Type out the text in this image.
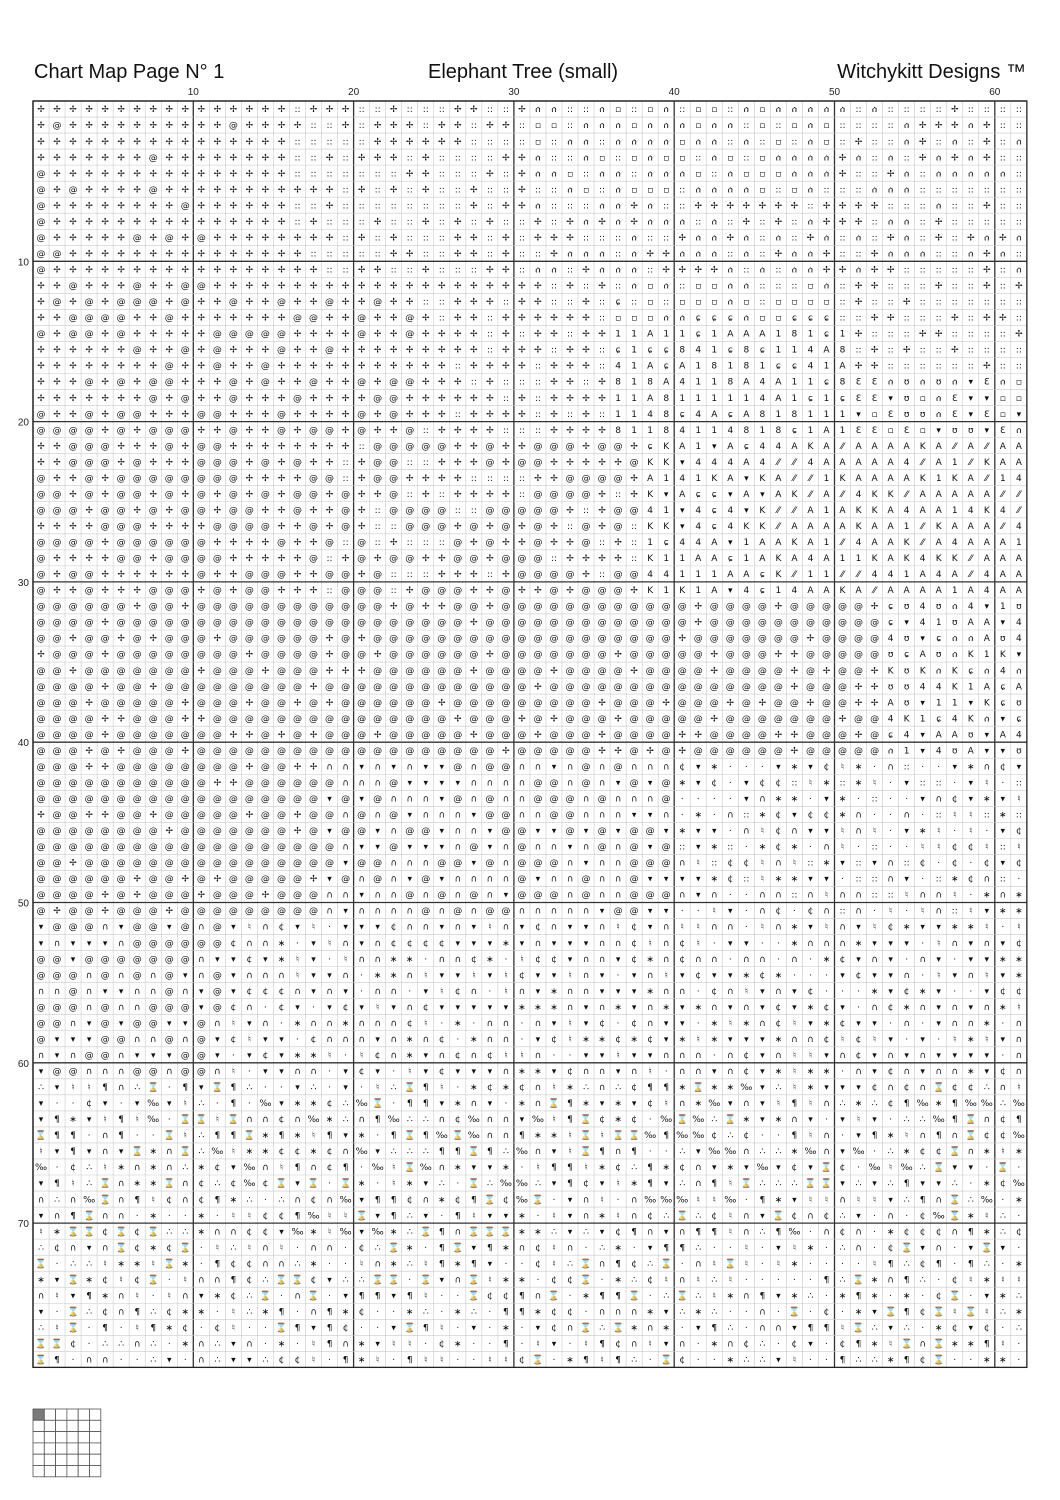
Chart Map Page N° 1	Elephant Tree (small)	Witchykitt Designs ™
✢ ✢ ✢ ✢ ✢ ✢ ✢ ✢ ✢ ✢ ✢ ✢ ✢ ✢ ✢ ✢ :: ✢ ✢ ✢ :: :: ✢ :: :: :: ✢ ✢ :: :: ✢ ሰ ሰ :: :: ሰ ▫ :: ▫ ሰ :: ▫ ▫ :: ሰ ▫ ሰ ሰ ሰ ሰ ሰ :: ሰ :: :: :: :: ✢ :: :: :: ::
✢ @ ✢ ✢ ✢ ✢ ✢ ✢ ✢ ✢ ✢ ✢ @ ✢ ✢ ✢ ✢ :: :: ✢ :: ✢ ✢ ✢ :: ✢ ✢ :: ✢ ✢ :: ▫ ▫ :: ሰ ሰ ሰ ▫ ሰ ሰ ሰ ▫ ሰ ሰ :: ▫ :: ▫ ሰ ▫ :: :: :: :: ሰ ✢ ✢ ✢ ሰ ✢ :: ::
✢ ✢ ✢ ✢ ✢ ✢ ✢ ✢ ✢ ✢ ✢ ✢ ✢ ✢ ✢ ✢ :: :: :: :: :: ✢ ✢ ✢ ✢ ✢ ✢ :: :: :: :: ▫ :: ሰ ሰ :: ሰ ሰ ሰ ሰ ▫ ሰ ሰ :: ሰ :: ▫ :: ሰ ▫ :: ✢ :: :: ሰ ✢ :: ሰ :: ✢ :: ሰ
✢ ✢ ✢ ✢ ✢ ✢ ✢ @ ✢ ✢ ✢ ✢ ✢ ✢ ✢ ✢ :: :: ✢ :: ✢ ✢ ✢ :: ✢ :: :: :: :: ✢ ✢ ሰ :: :: ሰ ▫ :: ▫ ሰ ▫ ▫ :: ሰ ▫ :: ▫ ሰ ሰ ሰ ሰ ✢ ሰ :: ሰ :: ✢ ሰ ✢ ሰ ✢ :: ::
@ ✢ ✢ ✢ ✢ ✢ ✢ ✢ ✢ ✢ ✢ ✢ ✢ ✢ ✢ ✢ :: :: :: :: :: :: :: ✢ ✢ :: :: :: ✢ :: ✢ ሰ ሰ ▫ :: ሰ ሰ :: ሰ ሰ ሰ ▫ :: ሰ ▫ ▫ ▫ ሰ ሰ ሰ ✢ :: :: ✢ ሰ :: ሰ ሰ ሰ ሰ ሰ ::
@ ✢ @ ✢ ✢ ✢ ✢ @ ✢ ✢ ✢ ✢ ✢ ✢ ✢ ✢ ✢ ✢ ✢ :: ✢ :: ✢ :: ✢ :: :: ✢ :: :: ✢ :: :: ሰ ▫ :: ሰ ▫ ▫ ▫ :: ሰ ሰ ሰ ሰ ▫ :: ▫ ሰ :: :: :: ሰ ሰ ሰ :: :: :: :: :: :: ::
@ ✢ ✢ ✢ ✢ ✢ ✢ ✢ ✢ @ ✢ ✢ ✢ ✢ ✢ ✢ :: :: ✢ :: :: :: :: :: :: :: :: ✢ :: ✢ ✢ ሰ :: :: :: ሰ ሰ ✢ ሰ :: :: ✢ ✢ ✢ ✢ ✢ ✢ ✢ :: ✢ ✢ ✢ ✢ :: :: :: ሰ :: :: ✢ :: ::
@ ✢ ✢ ✢ ✢ ✢ ✢ ✢ ✢ ✢ ✢ ✢ ✢ ✢ ✢ ✢ :: ✢ :: :: :: ✢ :: :: ✢ :: ✢ :: ✢ :: :: ✢ :: ✢ ሰ ✢ ሰ ✢ ሰ ሰ ሰ :: ሰ :: ✢ :: ✢ :: ሰ ✢ ✢ ✢ :: ሰ ሰ :: ✢ :: :: :: :: ::
@ ✢ ✢ ✢ ✢ ✢ @ ✢ @ ✢ @ ✢ ✢ ✢ ✢ ✢ ✢ ✢ ✢ :: ✢ :: ✢ :: :: :: ✢ ✢ :: ✢ :: ✢ ✢ ✢ :: :: :: ሰ :: :: ✢ ሰ ሰ ✢ ሰ :: ሰ :: ✢ ሰ :: ሰ :: ✢ ሰ :: ✢ :: ✢ ሰ ✢ ሰ
@ @ ✢ ✢ ✢ ✢ ✢ ✢ ✢ ✢ ✢ ✢ ✢ ✢ ✢ ✢ ✢ :: :: :: :: :: ✢ ✢ :: :: ✢ ✢ :: ✢ :: :: ✢ ሰ ሰ ሰ :: ሰ ✢ ✢ ሰ ሰ ሰ :: ሰ :: ✢ ሰ ሰ ✢ :: :: ✢ ሰ ሰ ሰ :: :: ሰ ✢ ሰ ::
@ ✢ ✢ ✢ ✢ ✢ ✢ ✢ ✢ ✢ ✢ ✢ ✢ ✢ ✢ ✢ ✢ ✢ :: :: ✢ ✢ :: :: ✢ :: :: :: ✢ ✢ :: ሰ ሰ :: ✢ ሰ ሰ ሰ :: ✢ ✢ ✢ ✢ ሰ :: ሰ :: ሰ ሰ ✢ ✢ ሰ ✢ ✢ :: :: :: :: :: ✢ :: ሰ
✢ ✢ @ ✢ ✢ ✢ @ ✢ ✢ @ @ ✢ ✢ ✢ ✢ ✢ ✢ ✢ ✢ ✢ ✢ ✢ ✢ ✢ ✢ ✢ ✢ ✢ ✢ ✢ ✢ ✢ :: ✢ :: ✢ :: ሰ ▫ ሰ :: ▫ ▫ ሰ ሰ :: :: :: ▫ ሰ :: ✢ ✢ :: :: :: ✢ :: :: ✢ :: ✢
✢ @ ✢ @ ✢ @ @ @ ✢ @ ✢ ✢ @ ✢ ✢ @ ✢ ✢ @ ✢ ✢ @ ✢ ✢ :: :: ✢ ✢ ✢ :: ✢ ✢ :: :: ✢ :: ɕ :: ▫ :: ▫ ▫ ▫ ሰ ▫ :: ▫ ▫ ▫ ▫ :: ✢ :: :: ✢ :: :: :: :: :: :: ::
✢ ✢ @ @ @ @ ✢ ✢ @ ✢ ✢ ✢ ✢ ✢ ✢ ✢ @ @ ✢ ✢ @ ✢ ✢ @ ✢ :: ✢ ✢ :: ✢ ✢ ✢ ✢ ✢ ✢ :: ▫ ▫ ▫ ሰ ሰ ɕ ɕ ɕ ሰ ▫ ▫ ɕ ɕ ɕ :: :: ✢ ✢ :: :: :: ✢ :: ✢ ✢ ::
@ ✢ @ @ ✢ @ ✢ ✢ ✢ ✢ ✢ @ @ @ @ @ ✢ ✢ ✢ ✢ @ ✢ ✢ @ ✢ ✢ ✢ ✢ :: ✢ :: ✢ ✢ :: ✢ ✢ 1 1 A 1 1 ɕ 1 A A A 1 8 1 ɕ 1 ✢ :: :: :: ✢ ✢ :: :: :: :: ✢
✢ ✢ ✢ ✢ ✢ ✢ @ ✢ ✢ @ ✢ @ ✢ ✢ ✢ @ ✢ ✢ @ ✢ ✢ ✢ ✢ ✢ ✢ ✢ ✢ ✢ :: ✢ ✢ ✢ :: ✢ ✢ :: ɕ 1 ɕ ɕ 8 4 1 ɕ 8 ɕ 1 1 4 A 8 :: ✢ :: ✢ :: :: ✢ :: :: :: ::
✢ ✢ ✢ ✢ ✢ ✢ ✢ ✢ @ ✢ ✢ @ ✢ ✢ @ ✢ ✢ ✢ ✢ ✢ ✢ ✢ ✢ ✢ ✢ ✢ :: ✢ ✢ ✢ ✢ :: ✢ ✢ ✢ :: 4 1 A ɕ A 1 8 1 8 1 ɕ ɕ 4 1 A ✢ ✢ :: :: :: :: :: :: ✢ :: ::
✢ ✢ ✢ @ ✢ @ ✢ @ @ ✢ ✢ ✢ @ ✢ @ ✢ ✢ @ ✢ ✢ @ ✢ @ @ ✢ ✢ ✢ :: ✢ :: :: :: ✢ ✢ :: ✢ 8 1 8 A 4 1 1 8 A 4 A 1 1 ɕ 8 Ɛ Ɛ ሰ ʊ ሰ ʊ ሰ ▾ Ɛ ሰ ▫
✢ ✢ ✢ ✢ ✢ ✢ ✢ @ ✢ @ ✢ ✢ @ ✢ ✢ ✢ @ ✢ ✢ ✢ ✢ @ @ ✢ ✢ ✢ ✢ ✢ ✢ :: ✢ :: ✢ ✢ ✢ ✢ 1 1 A 8 1 1 1 1 1 4 A 1 ɕ 1 ɕ Ɛ Ɛ ▾ ʊ ▫ ሰ Ɛ ▾ ▾ ▫ ▫
@ ✢ ✢ @ ✢ @ @ ✢ ✢ ✢ @ @ ✢ ✢ ✢ @ ✢ ✢ ✢ ✢ @ ✢ @ ✢ ✢ ✢ :: ✢ ✢ ✢ ✢ :: ✢ :: ✢ :: 1 1 4 8 ɕ 4 A ɕ A 8 1 8 1 1 1 ▾ ▫ Ɛ ʊ ʊ ሰ Ɛ ▾ Ɛ ▫ ▾
@ @ @ @ ✢ @ ✢ @ @ @ ✢ ✢ @ ✢ ✢ @ ✢ @ @ ✢ @ ✢ ✢ @ :: ✢ ✢ ✢ ✢ :: :: :: ✢ ✢ ✢ ✢ 8 1 1 8 4 1 1 4 8 1 8 ɕ 1 A 1 Ɛ Ɛ ▫ Ɛ ▫ ▾ ʊ ʊ ▾ Ɛ ሰ
✢ ✢ @ @ @ ✢ ✢ ✢ @ ✢ @ @ ✢ ✢ ✢ ✢ ✢ ✢ ✢ ✢ :: @ @ @ @ @ ✢ ✢ @ ✢ ✢ @ @ @ ✢ @ @ ✢ ɕ K A 1 ▾ A ɕ 4 4 A K A ⁄⁄ A A A A K A ⁄⁄ A ⁄⁄ A A
✢ ✢ @ @ @ ✢ @ ✢ ✢ ✢ @ @ @ ✢ @ ✢ @ ✢ ✢ :: ✢ @ @ :: :: ✢ ✢ ✢ @ ✢ @ @ ✢ ✢ ✢ ✢ ✢ @ K K ▾ 4 4 4 A 4 ⁄⁄ ⁄⁄ 4 A A A A A 4 ⁄⁄ A 1 ⁄⁄ K A A
@ ✢ ✢ @ ✢ @ @ @ @ @ @ @ @ ✢ ✢ ✢ ✢ @ @ :: ✢ @ @ ✢ ✢ ✢ ✢ :: :: :: :: ✢ ✢ @ @ @ @ ✢ A 1 4 1 K A ▾ K A ⁄⁄ ⁄⁄ 1 K A A A A K 1 K A ⁄⁄ 1 4
@ @ ✢ @ ✢ @ @ ✢ @ ✢ @ ✢ @ ✢ @ ✢ @ @ ✢ @ ✢ ✢ @ :: ✢ :: ✢ ✢ ✢ ✢ :: @ @ @ @ ✢ :: ✢ K ▾ A ɕ ɕ ▾ A ▾ A K ⁄⁄ A ⁄⁄ 4 K K ⁄⁄ A A A A A ⁄⁄ ⁄⁄
@ @ @ ✢ @ @ ✢ @ ✢ @ @ ✢ @ @ ✢ ✢ @ ✢ ✢ @ ✢ :: @ @ @ @ :: :: @ @ @ @ @ ✢ :: ✢ @ @ 4 1 ▾ 4 ɕ 4 ▾ K ⁄⁄ ⁄⁄ A 1 A K K A 4 A A 1 4 K 4 ⁄⁄
✢ ✢ ✢ ✢ @ @ @ ✢ ✢ ✢ ✢ @ @ @ @ ✢ ✢ @ ✢ @ ✢ :: :: @ @ @ ✢ @ ✢ @ ✢ @ ✢ :: @ ✢ @ :: K K ▾ 4 ɕ 4 K K ⁄⁄ A A A A K A A 1 ⁄⁄ K A A A ⁄⁄ 4
@ @ @ @ ✢ @ @ @ @ @ @ ✢ ✢ ✢ ✢ @ ✢ ✢ @ :: @ :: ✢ :: :: :: @ ✢ @ ✢ ✢ @ ✢ ✢ @ :: ✢ :: 1 ɕ 4 4 A ▾ 1 A A K A 1 ⁄⁄ 4 A A K ⁄⁄ A 4 A A A 1
@ ✢ ✢ ✢ ✢ @ @ ✢ @ @ @ @ ✢ ✢ ✢ ✢ ✢ @ :: ✢ @ ✢ @ @ ✢ ✢ @ @ ✢ @ @ @ :: ✢ ✢ ✢ ✢ :: K 1 1 A A ɕ 1 A K A 4 A 1 1 K A K 4 K K ⁄⁄ A A A
@ ✢ @ @ ✢ ✢ ✢ ✢ ✢ ✢ @ ✢ ✢ @ @ @ ✢ ✢ @ @ ✢ @ :: :: :: ✢ ✢ ✢ :: ✢ @ @ @ @ ✢ :: @ @ 4 4 1 1 1 A A ɕ K ⁄⁄ 1 1 ⁄⁄ ⁄⁄ 4 4 1 A 4 A ⁄⁄ 4 A A
@ ✢ ✢ @ ✢ ✢ ✢ @ @ @ ✢ @ ✢ @ @ ✢ ✢ ✢ :: @ @ @ :: ✢ @ @ @ ✢ ✢ @ ✢ ✢ @ ✢ @ @ @ ✢ K 1 K 1 A ▾ 4 ɕ 1 4 A A K A ⁄⁄ A A A A 1 A 4 A A
@ @ @ @ @ @ ✢ @ @ ✢ @ @ @ @ @ @ @ @ @ @ @ @ ✢ @ ✢ ✢ @ @ ✢ @ @ @ @ @ @ @ @ @ @ @ @ ✢ @ @ @ @ ✢ @ @ @ @ @ ✢ ɕ ʊ 4 ʊ ሰ 4 ▾ 1 ʊ
@ @ @ @ ✢ @ @ @ @ @ @ @ @ @ @ @ @ @ @ @ @ @ @ @ @ @ @ ✢ @ @ @ @ @ @ @ @ @ @ @ @ @ ✢ @ @ @ @ @ @ @ @ @ @ @ ɕ ▾ 4 1 ʊ A A ▾ 4
@ @ ✢ @ @ ✢ @ ✢ @ @ @ ✢ @ @ @ @ @ @ ✢ @ ✢ @ @ @ @ @ @ @ @ @ @ @ @ @ @ @ @ @ @ @ ✢ @ @ @ @ @ @ @ ✢ @ @ @ @ 4 ʊ ▾ ɕ ሰ ሰ A ʊ 4
✢ @ @ @ ✢ @ @ @ @ @ @ @ @ ✢ @ @ @ @ ✢ @ @ ✢ @ @ @ @ @ @ ✢ @ @ @ @ @ @ @ ✢ @ @ @ @ @ ✢ @ @ @ ✢ ✢ @ @ @ @ @ ʊ ɕ A ʊ ሰ K 1 K ▾
@ @ ✢ @ @ @ @ @ @ @ ✢ @ @ @ ✢ @ @ @ ✢ ✢ ✢ @ @ @ @ @ @ ✢ @ @ @ @ ✢ @ @ @ @ ✢ @ @ @ @ ✢ @ @ @ @ ✢ @ ✢ @ @ ✢ K ʊ K ሰ K ɕ ሰ 4 ሰ
@ @ @ @ ✢ @ @ ✢ @ @ @ @ @ @ @ @ @ ✢ @ @ @ @ @ @ @ @ @ @ @ @ @ ✢ @ @ @ @ @ @ @ @ @ @ @ @ @ @ @ ✢ @ @ @ ✢ ✢ ʊ ʊ 4 4 K 1 A ɕ A
@ @ @ ✢ @ @ @ @ @ ✢ @ @ @ ✢ @ @ ✢ @ ✢ @ @ @ @ @ @ ✢ @ @ @ @ @ @ @ @ @ ✢ @ @ @ ✢ @ @ @ ✢ @ ✢ @ @ ✢ @ @ ✢ ✢ A ʊ ▾ 1 1 ▾ K ɕ ʊ
@ @ @ @ ✢ ✢ @ @ @ ✢ ✢ @ @ @ @ @ @ @ @ @ @ @ @ @ @ @ ✢ @ @ @ ✢ @ ✢ @ @ @ ✢ @ @ @ @ @ ✢ @ @ @ @ @ @ @ ✢ @ @ 4 K 1 ɕ 4 K ሰ ▾ ɕ
@ @ @ @ ✢ @ @ @ @ @ @ @ ✢ ✢ @ ✢ @ ✢ @ @ @ ✢ @ @ @ @ @ ✢ @ @ @ ✢ @ @ @ ✢ @ @ @ @ ✢ ✢ @ @ @ @ ✢ ✢ @ @ @ ✢ @ ɕ 4 ▾ A A ʊ ▾ A 4
@ @ @ ✢ @ ✢ @ @ @ ✢ @ @ @ @ @ @ @ @ @ @ @ @ @ @ @ @ @ @ @ ✢ @ @ @ @ @ ✢ ✢ @ ✢ @ ✢ @ @ @ @ @ @ ✢ @ @ @ @ @ ሰ 1 ▾ 4 ʊ A ▾ ▾ ʊ
@ @ @ ✢ ✢ @ @ @ @ @ @ @ @ ✢ @ @ ✢ ✢ ∩ ∩ ▾ ∩ ▾ ∩ ▾ ▾ @ ∩ @ @ ∩ ∩ ▾ ∩ @ ∩ @ ∩ ∩ ∩ ¢ ▾ ∗ · · · ▾ ∗ ▾ ¢ ♮ ∗ · ∩ :: · · ▾ ∗ ∩ ¢ ▾
@ @ @ @ @ @ @ @ @ @ @ ✢ ✢ @ @ @ @ @ @ ∩ ∩ ∩ @ ▾ ▾ ▾ ▾ ∩ ∩ ∩ ∩ @ @ ∩ @ ∩ ▾ @ ▾ @ ∗ ▾ ¢ · ▾ ¢ ¢ :: ♮ ∗ :: ∗ ♮ · ▾ :: :: · ▾ ♮ · ::
@ @ @ @ @ @ @ @ @ @ @ @ @ @ @ @ @ @ ▾ @ ▾ @ ∩ ∩ ∩ ▾ @ ∩ @ ∩ ∩ @ @ @ ∩ @ ∩ ∩ ∩ @ · · · · ▾ ∩ ∗ ∗ · ▾ ∗ · :: · · ▾ ∩ ¢ ▾ ∗ ▾ ♮
✢ @ @ ✢ ✢ @ @ ✢ @ @ @ @ @ ✢ @ @ ✢ @ @ ∩ @ ∩ @ ▾ ∩ ∩ ∩ ▾ @ @ ∩ ∩ @ @ ∩ ∩ ∩ ▾ ▾ ∩ · ∗ · ∩ :: ∗ ¢ ▾ ¢ ¢ ∗ ∩ · · ∩ · :: ♮ ♮ :: ∗ ::
@ @ @ @ @ @ @ @ ✢ @ @ @ @ @ @ @ ✢ @ ▾ @ @ ▾ ∩ @ @ ▾ ∩ ∩ ▾ @ @ ▾ ▾ @ ▾ @ ▾ @ @ ▾ ∗ ▾ ▾ · ∩ ♮ ¢ ∩ ▾ ▾ ♮ ∩ ♮ · ▾ ∗ ♮ · ♮ · ▾ ¢
@ @ @ @ @ @ @ @ @ @ @ @ @ @ @ @ @ @ @ ∩ ▾ ▾ @ ▾ ▾ ▾ ∩ @ ▾ ∩ @ ∩ ∩ ▾ ∩ @ ∩ @ ▾ @ :: ▾ ∗ :: · ∗ ¢ ∗ · ∩ ♮ · :: · · ♮ ♮ ¢ ¢ ♮ :: ♮
@ @ ✢ @ @ @ @ @ @ @ @ @ @ @ @ @ @ @ @ ▾ @ @ ∩ ∩ ∩ @ @ ▾ @ ∩ @ @ @ ∩ ▾ ∩ ∩ @ @ @ ∩ ♮ :: ¢ ¢ ♮ ∩ ♮ :: ∗ ▾ :: ▾ ∩ :: ¢ · ¢ · ¢ ▾ ¢
@ @ @ @ @ @ ✢ @ @ ✢ @ ✢ @ @ @ @ @ ✢ ▾ @ ∩ @ ∩ ▾ @ ▾ ∩ ∩ ∩ ∩ @ ▾ ∩ ∩ @ ∩ ∩ @ ▾ ▾ ▾ ▾ ∗ ¢ :: ♮ ∗ ∗ ▾ ▾ · :: :: ∩ ▾ · :: ∗ ¢ ∩ :: ·
@ @ @ @ ✢ @ ✢ @ @ @ ✢ @ @ @ ✢ @ @ @ ∩ ∩ ▾ ∩ ∩ @ ∩ @ ∩ @ ∩ ▾ @ @ @ ∩ @ ∩ ∩ @ @ @ ∩ ▾ ∩ · · ∩ ∩ :: ∩ ♮ ∩ ∩ :: :: ♮ ∩ ∩ ♮ · ∗ ∩ ∗
@ ✢ @ @ ✢ @ @ @ ✢ @ @ @ @ @ @ @ @ @ ∩ ▾ ∩ ∩ ∩ ∩ @ ∩ @ ∩ @ @ ∩ ∩ ∩ ∩ ∩ ▾ @ @ ▾ ▾ · · ♮ ▾ · ∩ ¢ · ¢ ∩ :: ∩ · ♮ · ♮ ∩ :: ♮ ▾ ∗ ∗
▾ @ @ @ ∩ ▾ @ @ ▾ @ ∩ @ ▾ ♮ ∩ ¢ ▾ ♮ · ▾ ▾ ▾ ¢ ∩ ∩ ▾ ∩ ▾ ♮ ∩ ▾ ¢ ∩ ▾ ▾ ∩ ♮ ¢ ▾ ∩ ♮ ♮ ∩ ∩ · ♮ ∩ ∗ ▾ ♮ ∩ ▾ ♮ ¢ ∗ ▾ ▾ ∗ ∗ ♮ · ♮
▾ ∩ ▾ ▾ ▾ ∩ @ @ @ @ @ @ ¢ ∩ ∩ ∗ · ▾ ♮ ∩ ▾ ∩ ¢ ¢ ¢ ¢ ▾ ▾ ▾ ∗ ▾ ∩ ▾ ▾ ▾ ∩ ∩ ¢ ♮ ∩ ¢ ♮ · ▾ ▾ · · ∗ ∩ ∩ ∩ ∗ ▾ ▾ ▾ · ♮ ∩ ▾ ∩ ▾ ¢
@ @ ▾ @ @ @ @ @ @ @ ∩ ▾ ▾ ¢ ▾ ∗ ♮ ▾ · ♮ ∩ ∩ ∗ ∗ · ∩ ∩ ¢ ∗ · ♮ ¢ ¢ ▾ ∩ ∩ ▾ ¢ ∗ ∩ ¢ ∩ ∩ · ∩ ∩ · ∩ · ∗ ¢ ▾ ∩ ▾ · ∩ ▾ · ▾ ▾ ∗ ∗
@ @ @ ∩ @ ∩ @ ∩ @ ▾ ∩ @ ▾ ∩ ∩ ∩ ♮ ▾ ▾ ∩ · ∗ ∗ ∩ ♮ ▾ ▾ ♮ ▾ ♮ ¢ ▾ ▾ ♮ ∩ ▾ · ▾ ∩ ♮ ▾ ¢ ▾ ▾ ∗ ¢ ∗ · · · ▾ ¢ ▾ ▾ ∩ · ♮ ▾ ∩ ♮ ▾ ∗
∩ ∩ @ ∩ ▾ ▾ ∩ ∩ @ ∩ ▾ @ ▾ ¢ ¢ ¢ ∩ ▾ ∩ ▾ · ∩ ∩ · ▾ ♮ ¢ ∩ · ♮ ∩ ▾ ∗ ∩ ∩ ▾ ▾ ▾ ∗ ∩ ∩ · ¢ ∩ ♮ ▾ ∩ ▾ ¢ · · · ∗ ▾ ¢ ∗ ▾ · · ▾ ¢ ¢
@ @ @ ∩ @ ∩ ∩ @ @ @ ▾ @ ¢ ∩ · ¢ ▾ · ▾ ¢ ▾ ♮ ▾ ∩ ¢ ▾ ▾ ▾ ▾ ▾ ∗ ∗ ∗ ∩ ▾ ∩ ∗ ▾ ∩ ∗ ▾ ∗ ∩ ▾ ∩ ▾ ¢ ▾ ∗ ¢ ▾ · ∩ ¢ ∗ ∩ ▾ ∩ ▾ ∩ ∗ ♮
@ @ ∩ ▾ @ ▾ @ @ ▾ ▾ @ ∩ ♮ ▾ ∩ · ∗ ∩ ∩ ∗ ∩ ∩ ∩ ¢ ♮ · ∗ · ∩ ∩ · ∩ ▾ ♮ ▾ ¢ · ¢ ∩ ▾ ▾ · ∗ ♮ ∗ ∩ ¢ ♮ ▾ ∗ ¢ ▾ ▾ · ∩ · ▾ ∩ ∩ ∗ · ∩
@ ▾ ▾ ▾ @ @ ∩ ∩ @ ∩ @ ▾ ¢ ♮ ▾ ▾ · ¢ ∩ ∩ ∩ ▾ ∩ ∗ ∩ ¢ · ∗ ∩ ∩ · ▾ ¢ ♮ ∗ ∗ ¢ ∗ ¢ ▾ ∗ ♮ ∗ ▾ ▾ ▾ ∗ ∩ ∩ ¢ ♮ ¢ ♮ ▾ · ▾ · ♮ ∗ ♮ ▾ ∩
∩ ▾ ∩ @ @ ∩ ▾ ▾ ▾ @ @ ▾ · ▾ ¢ ▾ ∗ ∗ ♮ · ♮ ¢ ∩ ∗ ▾ ∩ ¢ ∩ ¢ ♮ ♮ ∩ · · ▾ ▾ ♮ ▾ ▾ ∩ ∩ ∩ · ∩ ¢ ▾ ∩ ♮ ♮ ▾ ∩ ¢ ▾ ∩ ▾ ∩ ▾ ▾ ▾ ▾ · ∩
▾ @ @ ∩ ∩ ∩ @ @ ∩ @ @ ∩ ♮ · ▾ ▾ ∩ ∩ · ▾ ¢ ▾ · ♮ ▾ ¢ ▾ ▾ ▾ ∩ ∗ ∗ ▾ ¢ ∩ ∩ ▾ ∩ ♮ · ∩ ∩ ▾ ∩ ¢ ▾ ∗ ♮ ∗ ∗ · ∩ ▾ ¢ ∩ ▾ ∩ ∩ ∗ ▾ ¢ ∩
∴ ▾ ♮ ♮ ¶ ∩ ∴ ⌛ · ¶ ▾ ⌛ ¶ ∴ · · ▾ ∴ · ▾ · ♮ ∴ ⌛ ¶ ♮ · ∗ ¢ ∗ ¢ ∩ ♮ ∗ ∴ ∩ ∴ ¢ ¶ ¶ ∗ ⌛ ∗ ∗ ‰ ▾ ∴ ♮ ∗ ▾ ▾ ▾ ¢ ∩ ¢ ∩ ⌛ ¢ ¢ ∴ ∩ ♮
▾ · · ¢ ▾ · ▾ ‰ ▾ ♮ ∴ · ¶ · ‰ ▾ ∗ ∗ ¢ ∴ ‰ ⌛ · ¶ ¶ ▾ ∗ ∩ ▾ · ∗ ∩ ⌛ ¶ ∗ ▾ ∗ ▾ ¢ ♮ ∩ ∗ ‰ ▾ ∩ ▾ ♮ ¶ ♮ ∩ ∴ ∗ ∴ ¢ ¶ ‰ ∗ ¶ ‰ ‰ ∴ ‰
▾ ¶ ∗ ▾ ♮ ¶ ♮ ‰ · ⌛ ⌛ ♮ ⌛ ∩ ∩ ¢ ∩ ‰ ∗ ∴ ∩ ¶ ‰ ∴ ∴ ∩ ¢ ‰ ∩ ∩ ▾ ‰ ♮ ¶ ⌛ ¢ ∗ ¢ · ‰ ⌛ ‰ ∴ ⌛ ∗ ▾ ∗ ∩ ▾ · ▾ ♮ ▾ · ∴ ∴ ‰ ¶ ⌛ ∩ ¢ ¶
⌛ ¶ ¶ · ∩ ¶ · · ⌛ ♮ ∴ ¶ ¶ ⌛ ∗ ¶ ∗ ♮ ¶ ▾ ∗ · ¶ ⌛ ¶ ‰ ⌛ ‰ ∩ ∩ ¶ ∗ ∗ ♮ ⌛ ♮ ⌛ ⌛ ‰ ¶ ‰ ‰ ¢ ∴ ¢ · · ¶ ♮ ∩ · ▾ ¶ ∗ ♮ ∩ ¶ ∩ ⌛ ¢ ¢ ‰
♮ ▾ ¶ ▾ ∩ ▾ ⌛ ∗ ∩ ⌛ ∴ ‰ ♮ ∗ ∗ ¢ ¢ ∗ ¢ ∩ ‰ ▾ ∴ ∴ ∴ ¶ ¶ ⌛ ¶ ∴ ‰ ∩ ▾ ♮ ⌛ ¶ ∩ ¶ · · ∴ ▾ ‰ ‰ ∩ ∴ ∴ ∗ ‰ ∩ ▾ ‰ · ∴ ∗ ¢ ¢ ⌛ ∩ ∗ ♮ ∗
‰ · ¢ ∴ ♮ ∗ ∩ ∗ ∩ ∴ ∗ ¢ ▾ ‰ ∩ ♮ ¶ ∩ ¢ ¶ · ‰ ♮ ⌛ ‰ ∩ ∗ ▾ ▾ ∗ · ♮ ¶ ¶ ♮ ∗ ¢ ∴ ¶ ∗ ¢ ∩ ▾ ∗ ▾ ‰ ▾ ¢ ▾ ⌛ ¢ · ‰ ♮ ‰ ∴ ⌛ ▾ ▾ · ⌛ ·
▾ ¶ ♮ ∴ ⌛ ∩ ∗ ∗ ⌛ ∩ ¢ ∴ ¢ ‰ ¢ ⌛ ▾ ⌛ · ⌛ ∗ · ♮ ∗ ▾ ∴ · ⌛ ∴ ‰ ‰ ∴ ▾ ¶ ¢ ▾ ♮ ∗ ¶ ▾ ∴ ∩ ¶ ♮ ⌛ ∴ ∴ ∴ ⌛ ⌛ ▾ ∴ ▾ ∴ ¶ ▾ ▾ ∴ · ∗ ¢ ‰
∩ ∴ ∩ ‰ ⌛ ∩ ¶ ♮ ¢ ∩ ¢ ¶ ∗ ∴ · ∴ ∩ ¢ ∩ ‰ ▾ ¶ ¶ ¢ ∩ ∗ ¢ ¶ ⌛ ¢ ‰ ⌛ · ▾ ∩ ♮ · ∩ ‰ ‰ ‰ ♮ ♮ ‰ · ¶ ∗ ▾ ♮ ♮ ∩ ♮ ♮ ▾ ∴ ¶ ∩ ⌛ ∴ ‰ · ∗
▾ ∩ ¶ ⌛ ∩ ∩ · ∗ · · ∗ · ♮ ♮ ¢ ¢ ¶ ‰ ♮ ♮ ⌛ ▾ ¶ ∴ ▾ · ¶ ♮ ▾ ▾ ∗ · ♮ ▾ ∩ ∗ ♮ ∩ ¢ ∴ ⌛ ∴ ¢ ♮ ∩ ▾ ⌛ ¢ ∩ ¢ ∴ ▾ · ∩ · ¢ ‰ ⌛ ∗ ♮ ∴ ·
♮ ∗ ⌛ ⌛ ¢ ⌛ ¢ ⌛ ∴ ∴ ∗ ∩ ∩ ¢ ¢ ▾ ‰ ∗ ♮ ‰ ▾ ‰ ∗ ∴ ⌛ ¶ ∩ ⌛ ⌛ ⌛ ∗ ∗ ∴ ▾ ∴ ▾ ¢ ¶ ∩ ▾ ∩ ¶ ¶ ♮ ∩ ∴ ¶ ‰ · ∩ ¢ ∩ · ∗ ¢ ¢ ¢ ∩ ¶ ∗ ∴ ¢
∴ ¢ ∩ ▾ ∩ ⌛ ¢ ∗ ¢ ⌛ · ♮ ∴ ♮ ∩ ♮ · ∩ ∩ · ¢ ∴ ⌛ ∗ · ¶ ⌛ ▾ ¶ ∗ ∩ ¢ ♮ ∩ · ∴ ∗ · ▾ ¶ ¶ ∴ · · ♮ · ▾ ♮ ∗ · ∴ ∩ · ¢ ⌛ ▾ ∩ · ▾ ⌛ ▾ ·
⌛ · ∴ ∴ ♮ ∗ ∗ ♮ ⌛ ∗ · ¶ ¢ ¢ ∩ ∩ ∴ ∗ · · ♮ ∩ ∗ ∴ ♮ ¶ ∗ ¶ ▾ · · ¢ ♮ ∴ ⌛ ∩ ¶ ¢ ∴ ⌛ · ∩ ♮ ⌛ ♮ · ♮ ∗ · · · · ♮ ¶ ∴ ¢ ¶ · ¶ ∴ · ∗
∗ ▾ ⌛ ∗ ¢ ♮ ¢ ⌛ · ♮ ∩ ∩ ¶ ¢ ∴ ⌛ ⌛ ¢ ▾ ∴ ∴ ⌛ ⌛ · ⌛ ▾ ∩ ⌛ ♮ ∗ ∗ · ¢ ¢ ⌛ · ∗ ∴ ¢ ♮ ∩ ♮ ∴ ♮ · · · · · ¶ ∴ ⌛ ∗ ∩ ¶ ∴ · ¢ ♮ ∗ ♮ ♮
∩ ♮ ▾ ¶ ∗ ∩ ♮ · ♮ ∩ ▾ ∗ ¢ ∴ ⌛ · ∩ ⌛ · ▾ ¶ ¶ ▾ ¶ ♮ · · ⌛ ¢ ¢ ¶ ∩ ⌛ · ∗ ¶ ¶ ⌛ · ∴ ⌛ ∴ ♮ ∗ ∩ ¶ ▾ ∗ ∴ · ∗ ¶ ∗ · ∗ · ¢ ⌛ · ▾ ∗ ∴
▾ · ⌛ ∴ ¢ ∩ ¶ ∴ ¢ ∗ ∗ · ♮ ∴ ∗ ¶ · ∩ ¶ ∗ ¢ · · ∗ ∴ · ∗ ∴ · ¶ ¶ ∗ ¢ ¢ · ∩ ∩ ∩ ∗ ▾ ∴ ∗ ∴ · · ∩ · ⌛ · ¢ · ∗ ▾ ⌛ ¶ ¢ ⌛ ♮ ⌛ ♮ ∴ ∗
∴ ♮ ⌛ · ¶ · ♮ ¶ ∗ ¢ · ¢ ♮ · · ⌛ ¶ ▾ ¶ ¢ · · ▾ ⌛ ¶ ♮ · ▾ · ∗ · ▾ ¢ ∩ ⌛ ∴ ⌛ ∗ ∩ ∗ · ▾ ¶ ∴ · ∩ ∩ ▾ ¶ ¶ ♮ ⌛ ∴ ▾ ∴ · ∗ ¢ ▾ ¢ · ∴
⌛ ⌛ ¢ · ∴ ∴ ∩ ∴ · ∗ ∩ ∴ ▾ ∩ · ∗ · ♮ ¶ ∩ ∗ ▾ ♮ ♮ · ¢ ∗ · · ¶ · ♮ ▾ · ♮ ¶ ¢ ∩ ♮ ▾ ∩ · ∗ ∩ ¢ ∴ · ¢ ▾ · ¢ ¶ ∗ ♮ ⌛ ∩ ⌛ ∗ ∗ ¶ ♮ ·
⌛ ¶ · ∩ ∩ · · ∴ ▾ · ∩ ∴ ▾ ▾ ∴ ¢ ¢ ♮ · ¶ ∗ ♮ · ¶ ♮ ♮ · · ♮ ♮ ¢ ⌛ · ∗ ¶ ♮ ¶ ∴ · ⌛ ¢ · · ∗ ∴ ∴ ▾ ♮ · · ¶ ∴ ∴ ∗ ¶ ¢ ⌛ · · ∗ ∗ ·
10	20	30	40	50	60
10
20
30
40
50
60
70
